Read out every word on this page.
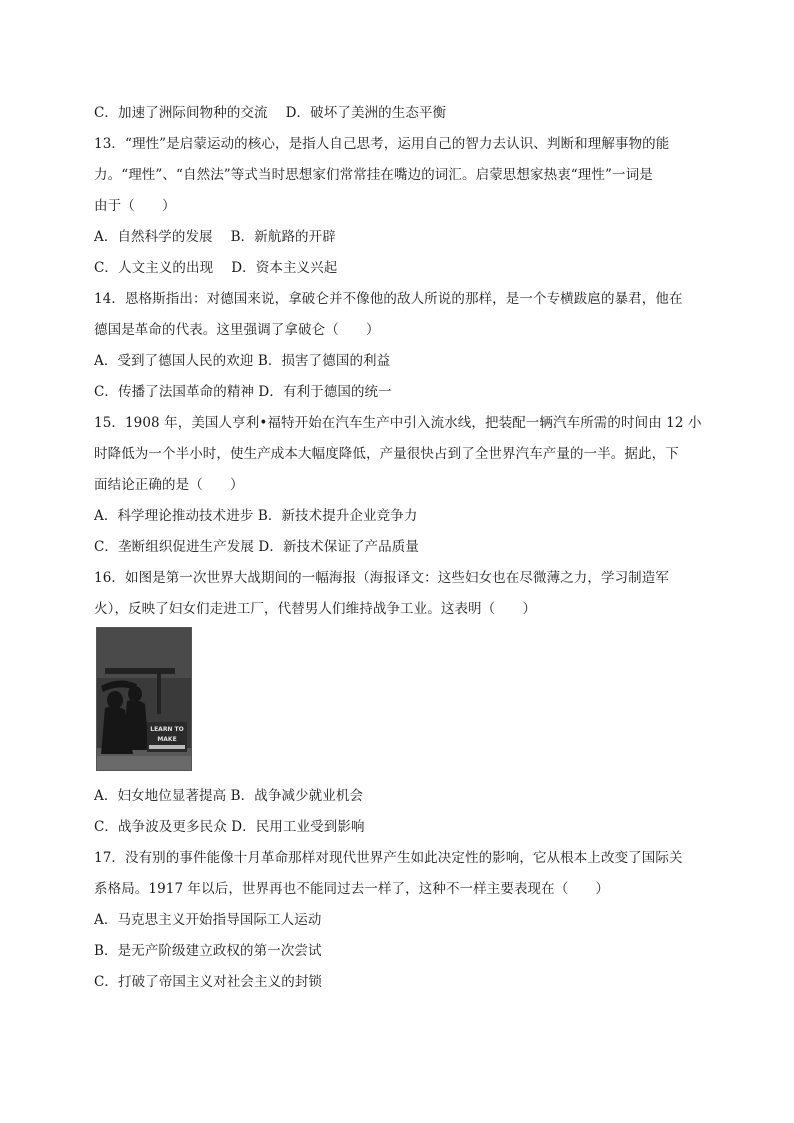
C．加速了洲际间物种的交流　 D．破坏了美洲的生态平衡
13．“理性”是启蒙运动的核心，是指人自己思考，运用自己的智力去认识、判断和理解事物的能
力。“理性”、“自然法”等式当时思想家们常常挂在嘴边的词汇。启蒙思想家热衷“理性”一词是
由于（　　）
A．自然科学的发展　 B．新航路的开辟
C．人文主义的出现　 D．资本主义兴起
14．恩格斯指出：对德国来说，拿破仑并不像他的敌人所说的那样，是一个专横跋扈的暴君，他在
德国是革命的代表。这里强调了拿破仑（　　）
A．受到了德国人民的欢迎 B．损害了德国的利益
C．传播了法国革命的精神 D．有利于德国的统一
15．1908 年，美国人亨利•福特开始在汽车生产中引入流水线，把装配一辆汽车所需的时间由 12 小
时降低为一个半小时，使生产成本大幅度降低，产量很快占到了全世界汽车产量的一半。据此，下
面结论正确的是（　　）
A．科学理论推动技术进步 B．新技术提升企业竞争力
C．垄断组织促进生产发展 D．新技术保证了产品质量
16．如图是第一次世界大战期间的一幅海报（海报译文：这些妇女也在尽微薄之力，学习制造军
火），反映了妇女们走进工厂，代替男人们维持战争工业。这表明（　　）
LEARN TO
MAKE
A．妇女地位显著提高 B．战争减少就业机会
C．战争波及更多民众 D．民用工业受到影响
17．没有别的事件能像十月革命那样对现代世界产生如此决定性的影响，它从根本上改变了国际关
系格局。1917 年以后，世界再也不能同过去一样了，这种不一样主要表现在（　　）
A．马克思主义开始指导国际工人运动
B．是无产阶级建立政权的第一次尝试
C．打破了帝国主义对社会主义的封锁
